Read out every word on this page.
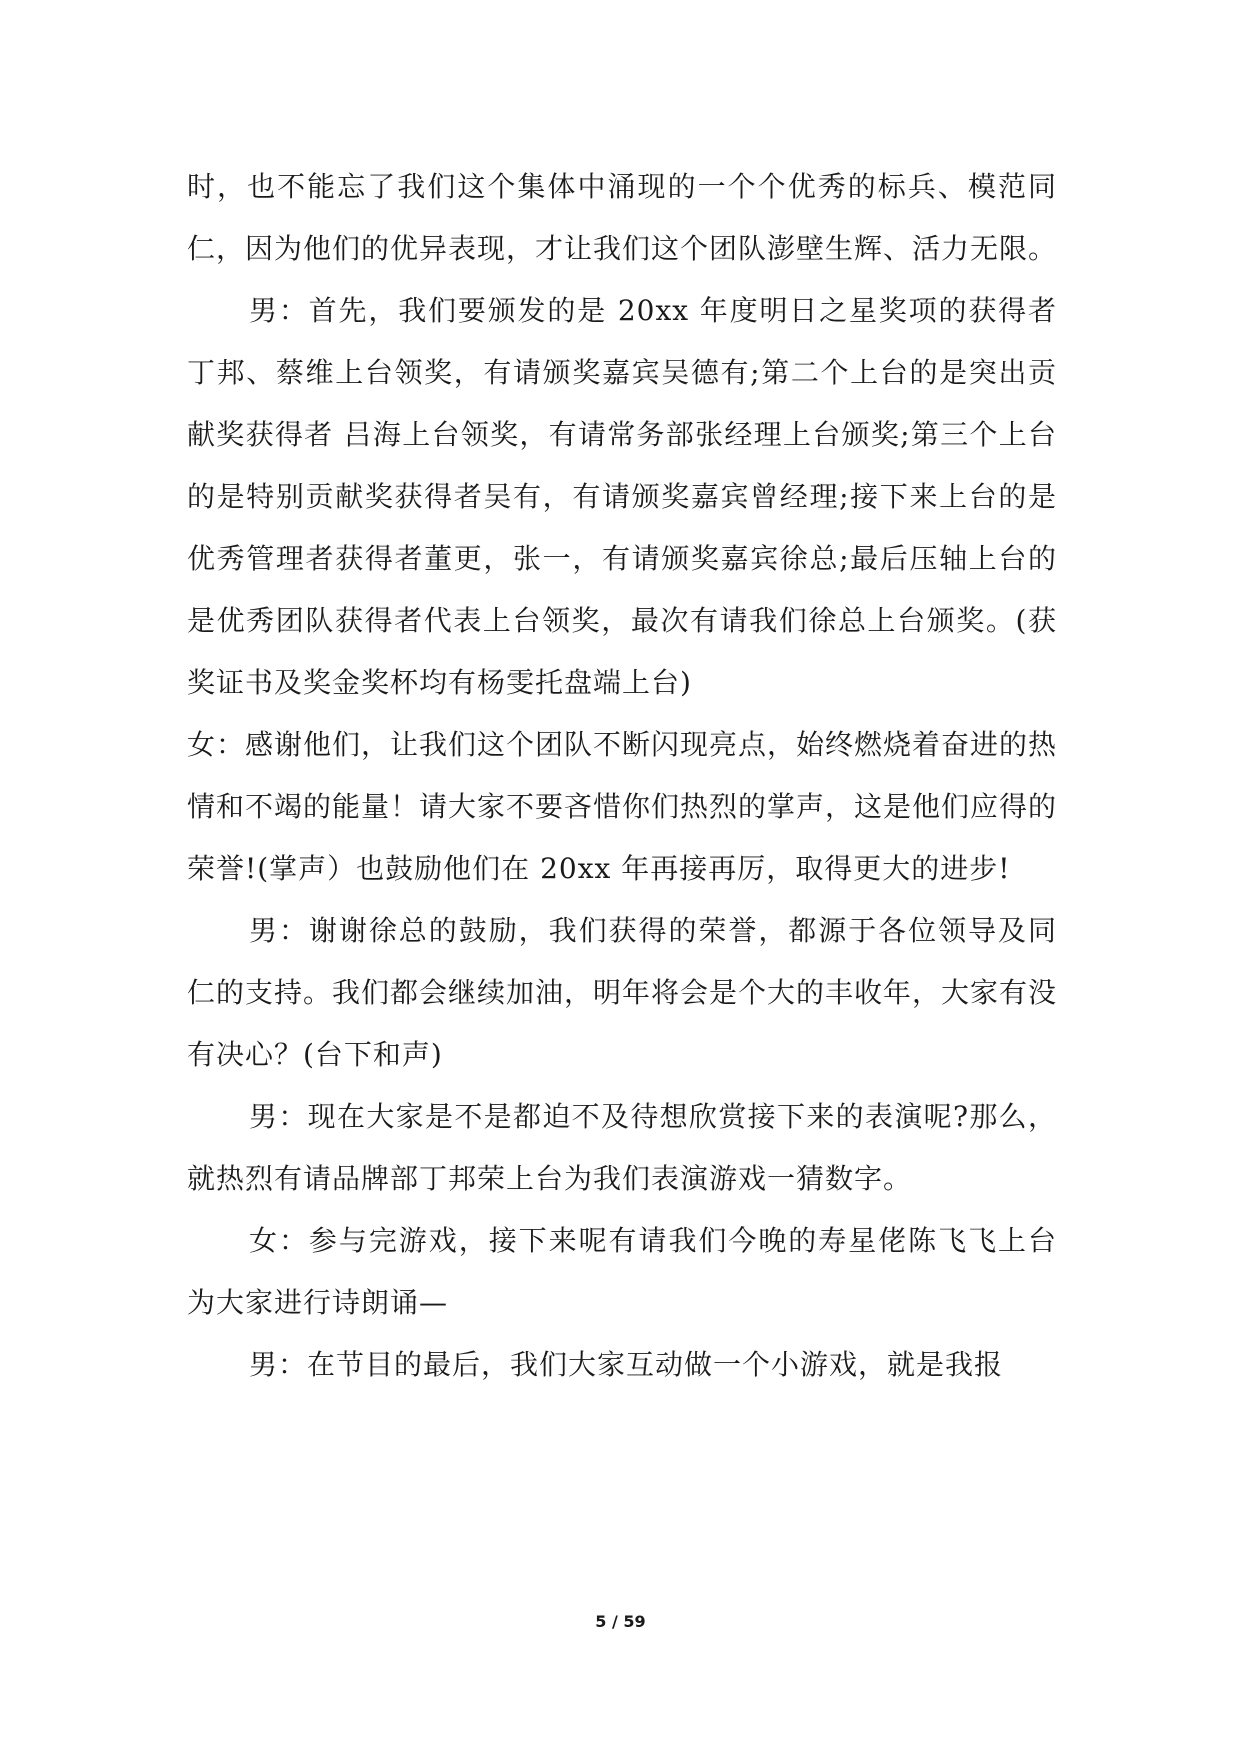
时，也不能忘了我们这个集体中涌现的一个个优秀的标兵、模范同仁，因为他们的优异表现，才让我们这个团队澎壁生辉、活力无限。

男：首先，我们要颁发的是 20xx 年度明日之星奖项的获得者丁邦、蔡维上台领奖，有请颁奖嘉宾吴德有;第二个上台的是突出贡献奖获得者 吕海上台领奖，有请常务部张经理上台颁奖;第三个上台的是特别贡献奖获得者吴有，有请颁奖嘉宾曾经理;接下来上台的是优秀管理者获得者董更，张一，有请颁奖嘉宾徐总;最后压轴上台的是优秀团队获得者代表上台领奖，最次有请我们徐总上台颁奖。(获奖证书及奖金奖杯均有杨雯托盘端上台)

女：感谢他们，让我们这个团队不断闪现亮点，始终燃烧着奋进的热情和不竭的能量！请大家不要吝惜你们热烈的掌声，这是他们应得的荣誉!(掌声）也鼓励他们在 20xx 年再接再厉，取得更大的进步!

男：谢谢徐总的鼓励，我们获得的荣誉，都源于各位领导及同仁的支持。我们都会继续加油，明年将会是个大的丰收年，大家有没有决心？(台下和声)

男：现在大家是不是都迫不及待想欣赏接下来的表演呢?那么，就热烈有请品牌部丁邦荣上台为我们表演游戏一猜数字。

女：参与完游戏，接下来呢有请我们今晚的寿星佬陈飞飞上台为大家进行诗朗诵—

男：在节目的最后，我们大家互动做一个小游戏，就是我报

5 / 59
